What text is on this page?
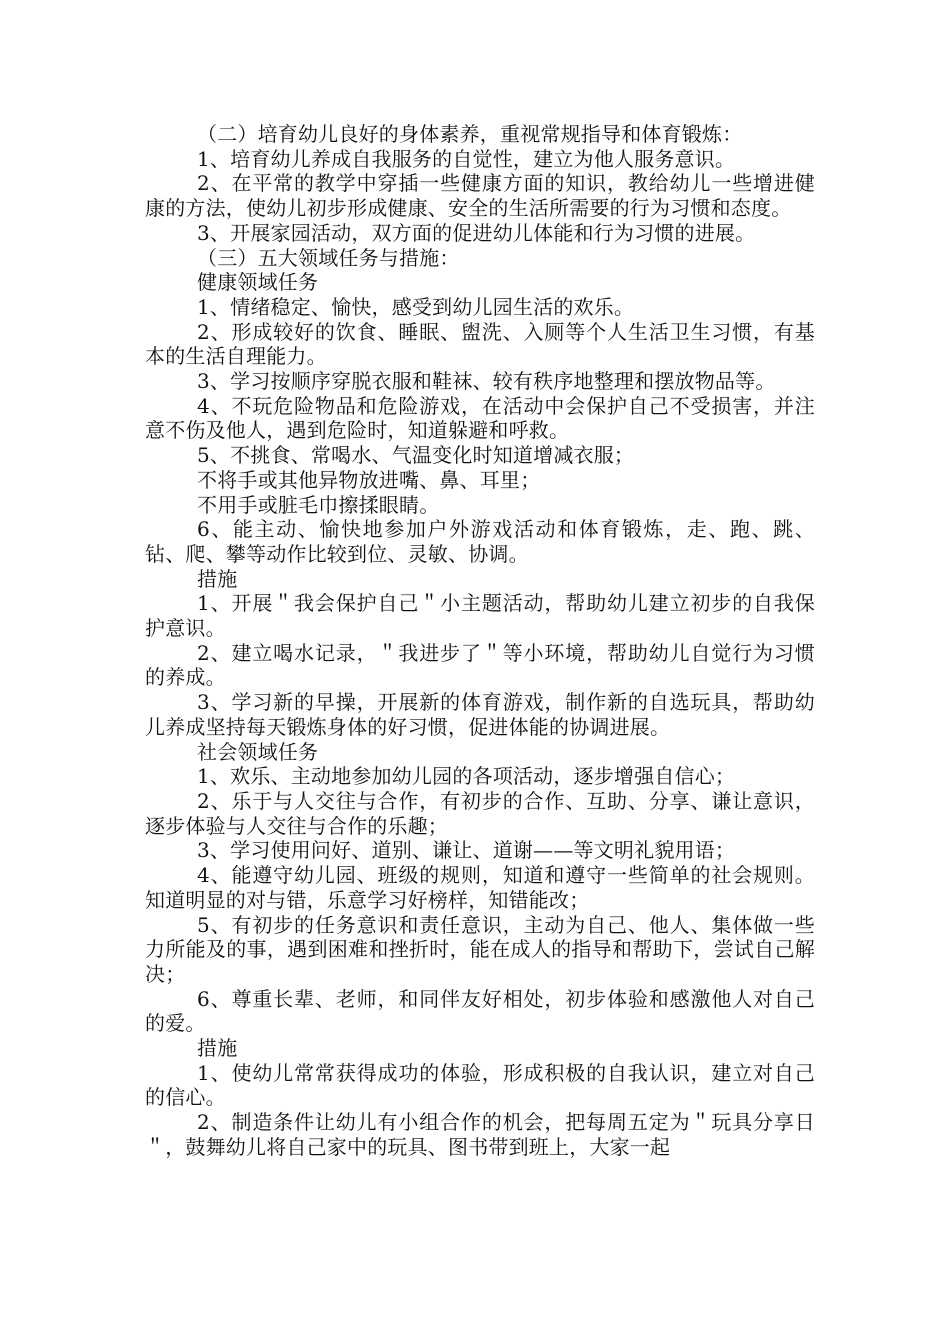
（二）培育幼儿良好的身体素养，重视常规指导和体育锻炼：

1、培育幼儿养成自我服务的自觉性，建立为他人服务意识。

2、在平常的教学中穿插一些健康方面的知识，教给幼儿一些增进健康的方法，使幼儿初步形成健康、安全的生活所需要的行为习惯和态度。

3、开展家园活动，双方面的促进幼儿体能和行为习惯的进展。

（三）五大领域任务与措施：

健康领域任务

1、情绪稳定、愉快，感受到幼儿园生活的欢乐。

2、形成较好的饮食、睡眠、盥洗、入厕等个人生活卫生习惯，有基本的生活自理能力。

3、学习按顺序穿脱衣服和鞋袜、较有秩序地整理和摆放物品等。

4、不玩危险物品和危险游戏，在活动中会保护自己不受损害，并注意不伤及他人，遇到危险时，知道躲避和呼救。

5、不挑食、常喝水、气温变化时知道增减衣服；

不将手或其他异物放进嘴、鼻、耳里；

不用手或脏毛巾擦揉眼睛。

6、能主动、愉快地参加户外游戏活动和体育锻炼，走、跑、跳、钻、爬、攀等动作比较到位、灵敏、协调。

措施

1、开展＂我会保护自己＂小主题活动，帮助幼儿建立初步的自我保护意识。

2、建立喝水记录，＂我进步了＂等小环境，帮助幼儿自觉行为习惯的养成。

3、学习新的早操，开展新的体育游戏，制作新的自选玩具，帮助幼儿养成坚持每天锻炼身体的好习惯，促进体能的协调进展。

社会领域任务

1、欢乐、主动地参加幼儿园的各项活动，逐步增强自信心；

2、乐于与人交往与合作，有初步的合作、互助、分享、谦让意识，逐步体验与人交往与合作的乐趣；

3、学习使用问好、道别、谦让、道谢——等文明礼貌用语；

4、能遵守幼儿园、班级的规则，知道和遵守一些简单的社会规则。知道明显的对与错，乐意学习好榜样，知错能改；

5、有初步的任务意识和责任意识，主动为自己、他人、集体做一些力所能及的事，遇到困难和挫折时，能在成人的指导和帮助下，尝试自己解决；

6、尊重长辈、老师，和同伴友好相处，初步体验和感激他人对自己的爱。

措施

1、使幼儿常常获得成功的体验，形成积极的自我认识，建立对自己的信心。

2、制造条件让幼儿有小组合作的机会，把每周五定为＂玩具分享日＂，鼓舞幼儿将自己家中的玩具、图书带到班上，大家一起
